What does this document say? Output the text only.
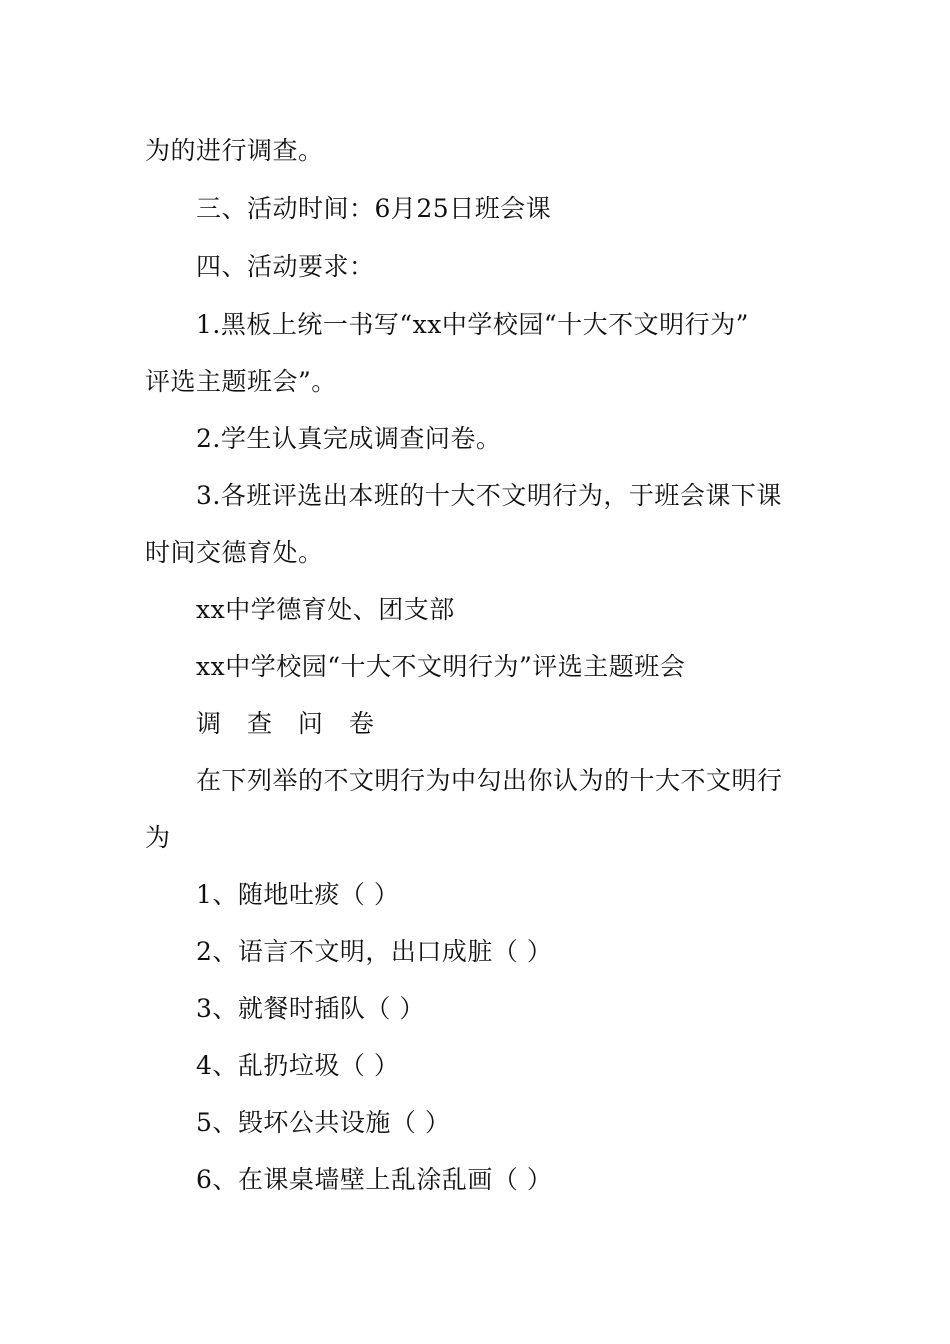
为的进行调查。
三、活动时间：6月25日班会课
四、活动要求：
1.黑板上统一书写“xx中学校园“十大不文明行为”
评选主题班会”。
2.学生认真完成调查问卷。
3.各班评选出本班的十大不文明行为，于班会课下课
时间交德育处。
xx中学德育处、团支部
xx中学校园“十大不文明行为”评选主题班会
调 查 问 卷
在下列举的不文明行为中勾出你认为的十大不文明行
为
1、随地吐痰（ ）
2、语言不文明，出口成脏（ ）
3、就餐时插队（ ）
4、乱扔垃圾（ ）
5、毁坏公共设施（ ）
6、在课桌墙壁上乱涂乱画（ ）
